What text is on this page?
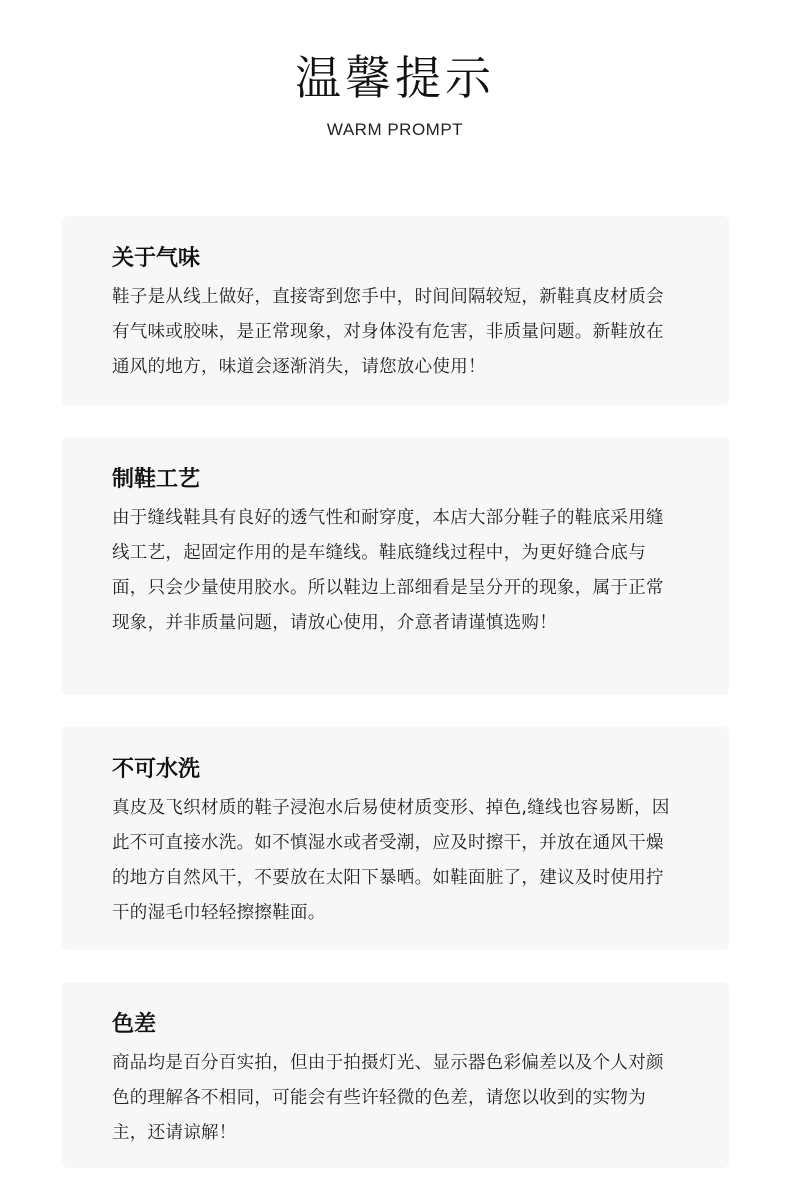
温馨提示
WARM PROMPT
关于气味
鞋子是从线上做好，直接寄到您手中，时间间隔较短，新鞋真皮材质会有气味或胶味，是正常现象，对身体没有危害，非质量问题。新鞋放在通风的地方，味道会逐渐消失，请您放心使用！
制鞋工艺
由于缝线鞋具有良好的透气性和耐穿度，本店大部分鞋子的鞋底采用缝线工艺，起固定作用的是车缝线。鞋底缝线过程中，为更好缝合底与面，只会少量使用胶水。所以鞋边上部细看是呈分开的现象，属于正常现象，并非质量问题，请放心使用，介意者请谨慎选购！
不可水洗
真皮及飞织材质的鞋子浸泡水后易使材质变形、掉色,缝线也容易断，因此不可直接水洗。如不慎湿水或者受潮，应及时擦干，并放在通风干燥的地方自然风干，不要放在太阳下暴晒。如鞋面脏了，建议及时使用拧干的湿毛巾轻轻擦擦鞋面。
色差
商品均是百分百实拍，但由于拍摄灯光、显示器色彩偏差以及个人对颜色的理解各不相同，可能会有些许轻微的色差，请您以收到的实物为主，还请谅解！
